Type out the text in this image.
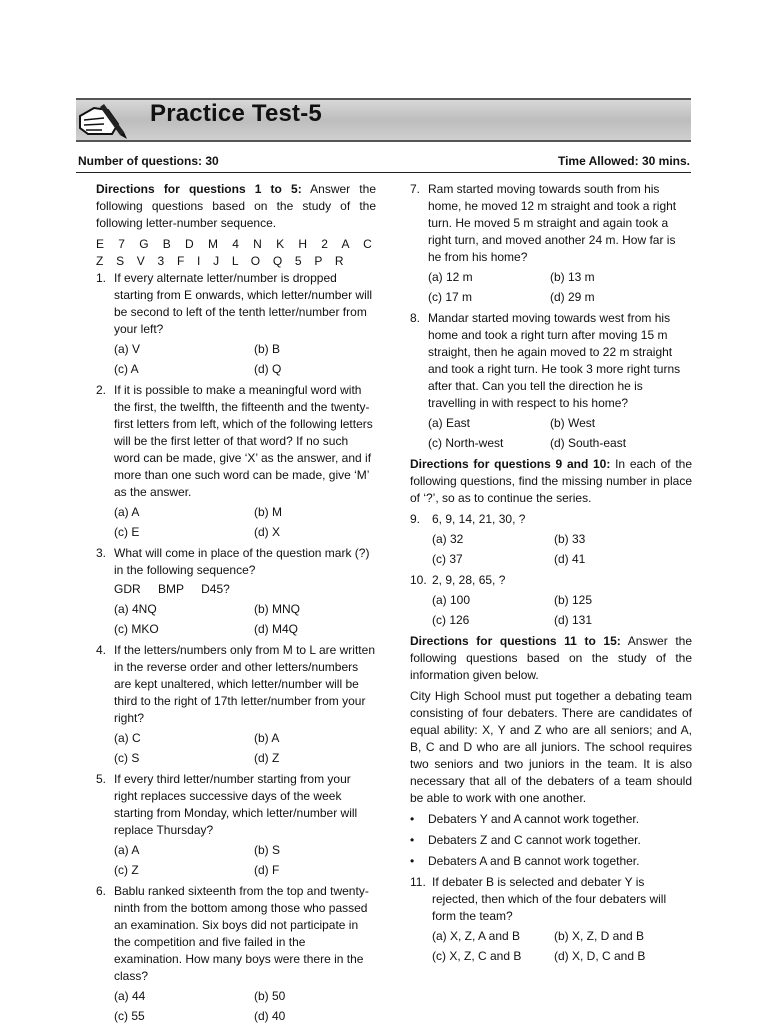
Practice Test-5
Number of questions: 30	Time Allowed: 30 mins.

Directions for questions 1 to 5: Answer the following questions based on the study of the following letter-number sequence.

E 7 G B D M 4 N K H 2 A C Z S V 3 F I J L O Q 5 P R

1. If every alternate letter/number is dropped starting from E onwards, which letter/number will be second to left of the tenth letter/number from your left?

(a) V	(b) B
(c) A	(d) Q
2. If it is possible to make a meaningful word with the first, the twelfth, the fifteenth and the twenty-first letters from left, which of the following letters will be the first letter of that word? If no such word can be made, give ‘X’ as the answer, and if more than one such word can be made, give ‘M’ as the answer.

(a) A	(b) M
(c) E	(d) X
3. What will come in place of the question mark (?) in the following sequence?

GDR BMP D45?

(a) 4NQ	(b) MNQ
(c) MKO	(d) M4Q
4. If the letters/numbers only from M to L are written in the reverse order and other letters/numbers are kept unaltered, which letter/number will be third to the right of 17th letter/number from your right?

(a) C	(b) A
(c) S	(d) Z
5. If every third letter/number starting from your right replaces successive days of the week starting from Monday, which letter/number will replace Thursday?

(a) A	(b) S
(c) Z	(d) F
6. Bablu ranked sixteenth from the top and twenty-ninth from the bottom among those who passed an examination. Six boys did not participate in the competition and five failed in the examination. How many boys were there in the class?

(a) 44	(b) 50
(c) 55	(d) 40
7. Ram started moving towards south from his home, he moved 12 m straight and took a right turn. He moved 5 m straight and again took a right turn, and moved another 24 m. How far is he from his home?

(a) 12 m	(b) 13 m
(c) 17 m	(d) 29 m
8. Mandar started moving towards west from his home and took a right turn after moving 15 m straight, then he again moved to 22 m straight and took a right turn. He took 3 more right turns after that. Can you tell the direction he is travelling in with respect to his home?

(a) East	(b) West
(c) North-west	(d) South-east

Directions for questions 9 and 10: In each of the following questions, find the missing number in place of ‘?’, so as to continue the series.

9. 6, 9, 14, 21, 30, ?

(a) 32	(b) 33
(c) 37	(d) 41
10. 2, 9, 28, 65, ?

(a) 100	(b) 125
(c) 126	(d) 131

Directions for questions 11 to 15: Answer the following questions based on the study of the information given below.

City High School must put together a debating team consisting of four debaters. There are candidates of equal ability: X, Y and Z who are all seniors; and A, B, C and D who are all juniors. The school requires two seniors and two juniors in the team. It is also necessary that all of the debaters of a team should be able to work with one another.

•	Debaters Y and A cannot work together.
•	Debaters Z and C cannot work together.
•	Debaters A and B cannot work together.
11. If debater B is selected and debater Y is rejected, then which of the four debaters will form the team?

(a) X, Z, A and B	(b) X, Z, D and B
(c) X, Z, C and B	(d) X, D, C and B
